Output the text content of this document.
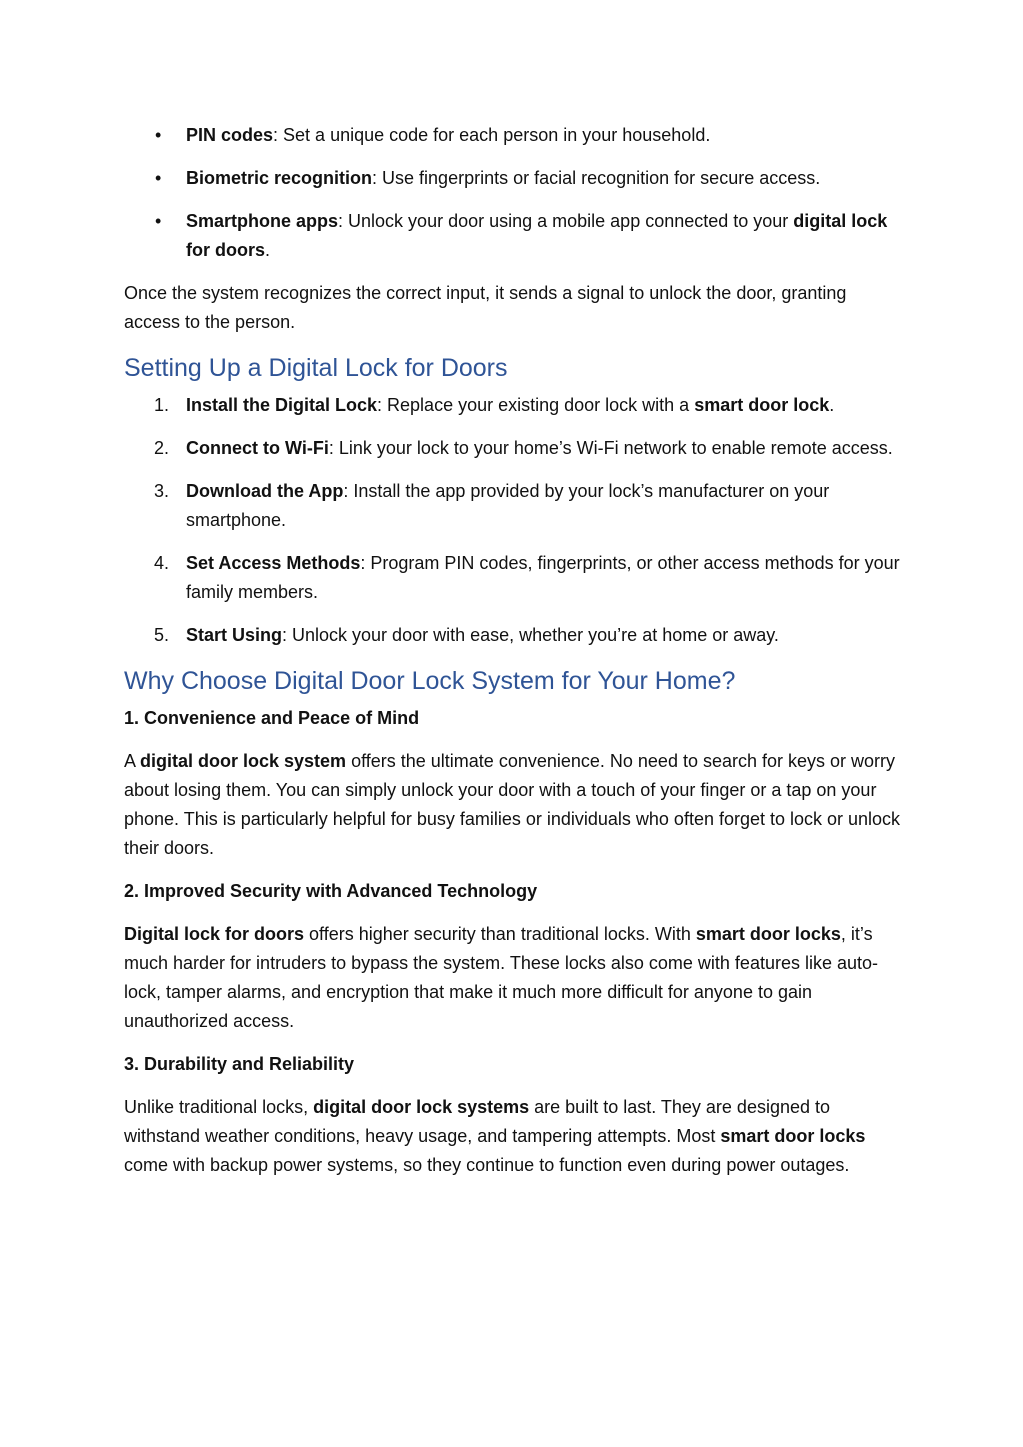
• PIN codes: Set a unique code for each person in your household.
• Biometric recognition: Use fingerprints or facial recognition for secure access.
• Smartphone apps: Unlock your door using a mobile app connected to your digital lock for doors.

Once the system recognizes the correct input, it sends a signal to unlock the door, granting access to the person.

Setting Up a Digital Lock for Doors
1. Install the Digital Lock: Replace your existing door lock with a smart door lock.
2. Connect to Wi-Fi: Link your lock to your home’s Wi-Fi network to enable remote access.
3. Download the App: Install the app provided by your lock’s manufacturer on your smartphone.
4. Set Access Methods: Program PIN codes, fingerprints, or other access methods for your family members.
5. Start Using: Unlock your door with ease, whether you’re at home or away.
Why Choose Digital Door Lock System for Your Home?
1. Convenience and Peace of Mind

A digital door lock system offers the ultimate convenience. No need to search for keys or worry about losing them. You can simply unlock your door with a touch of your finger or a tap on your phone. This is particularly helpful for busy families or individuals who often forget to lock or unlock their doors.

2. Improved Security with Advanced Technology

Digital lock for doors offers higher security than traditional locks. With smart door locks, it’s much harder for intruders to bypass the system. These locks also come with features like auto-lock, tamper alarms, and encryption that make it much more difficult for anyone to gain unauthorized access.

3. Durability and Reliability

Unlike traditional locks, digital door lock systems are built to last. They are designed to withstand weather conditions, heavy usage, and tampering attempts. Most smart door locks come with backup power systems, so they continue to function even during power outages.
